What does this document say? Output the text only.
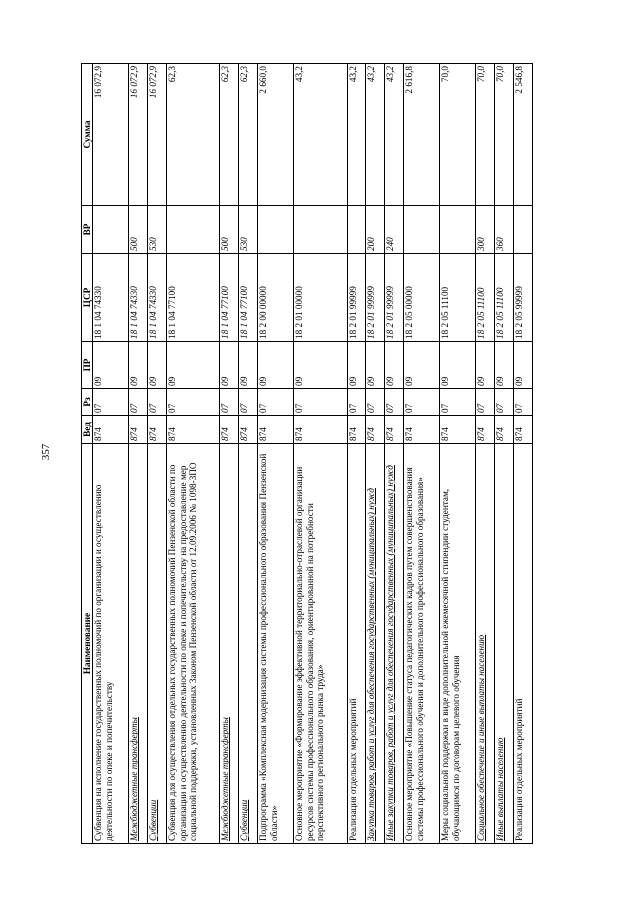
357
Наименование	Вед	Рз	ПР	ЦСР	ВР	Сумма
Субвенция на исполнение государственных полномочий по организации и осуществлению деятельности по опеке и попечительству	874	07	09	18 1 04 74330		16 072,9
Межбюджетные трансферты	874	07	09	18 1 04 74330	500	16 072,9
Субвенции	874	07	09	18 1 04 74330	530	16 072,9
Субвенция для осуществления отдельных государственных полномочий Пензенской области по организации и осуществлению деятельности по опеке и попечительству на предоставление мер социальной поддержки, установленных Законом Пензенской области от 12.09.2006 № 1098-ЗПО	874	07	09	18 1 04 77100		62,3
Межбюджетные трансферты	874	07	09	18 1 04 77100	500	62,3
Субвенции	874	07	09	18 1 04 77100	530	62,3
Подпрограмма «Комплексная модернизация системы профессионального образования Пензенской области»	874	07	09	18 2 00 00000		2 660,0
Основное мероприятие «Формирование эффективной территориально-отраслевой организации ресурсов системы профессионального образования, ориентированной на потребности перспективного регионального рынка труда»	874	07	09	18 2 01 00000		43,2
Реализация отдельных мероприятий	874	07	09	18 2 01 99999		43,2
Закупка товаров, работ и услуг для обеспечения государственных (муниципальных) нужд	874	07	09	18 2 01 99999	200	43,2
Иные закупки товаров, работ и услуг для обеспечения государственных (муниципальных) нужд	874	07	09	18 2 01 99999	240	43,2
Основное мероприятие «Повышение статуса педагогических кадров путем совершенствования системы профессионального обучения и дополнительного профессионального образования»	874	07	09	18 2 05 00000		2 616,8
Меры социальной поддержки в виде дополнительной ежемесячной стипендии студентам, обучающимся по договорам целевого обучения	874	07	09	18 2 05 11100		70,0
Социальное обеспечение и иные выплаты населению	874	07	09	18 2 05 11100	300	70,0
Иные выплаты населению	874	07	09	18 2 05 11100	360	70,0
Реализация отдельных мероприятий	874	07	09	18 2 05 99999		2 546,8
